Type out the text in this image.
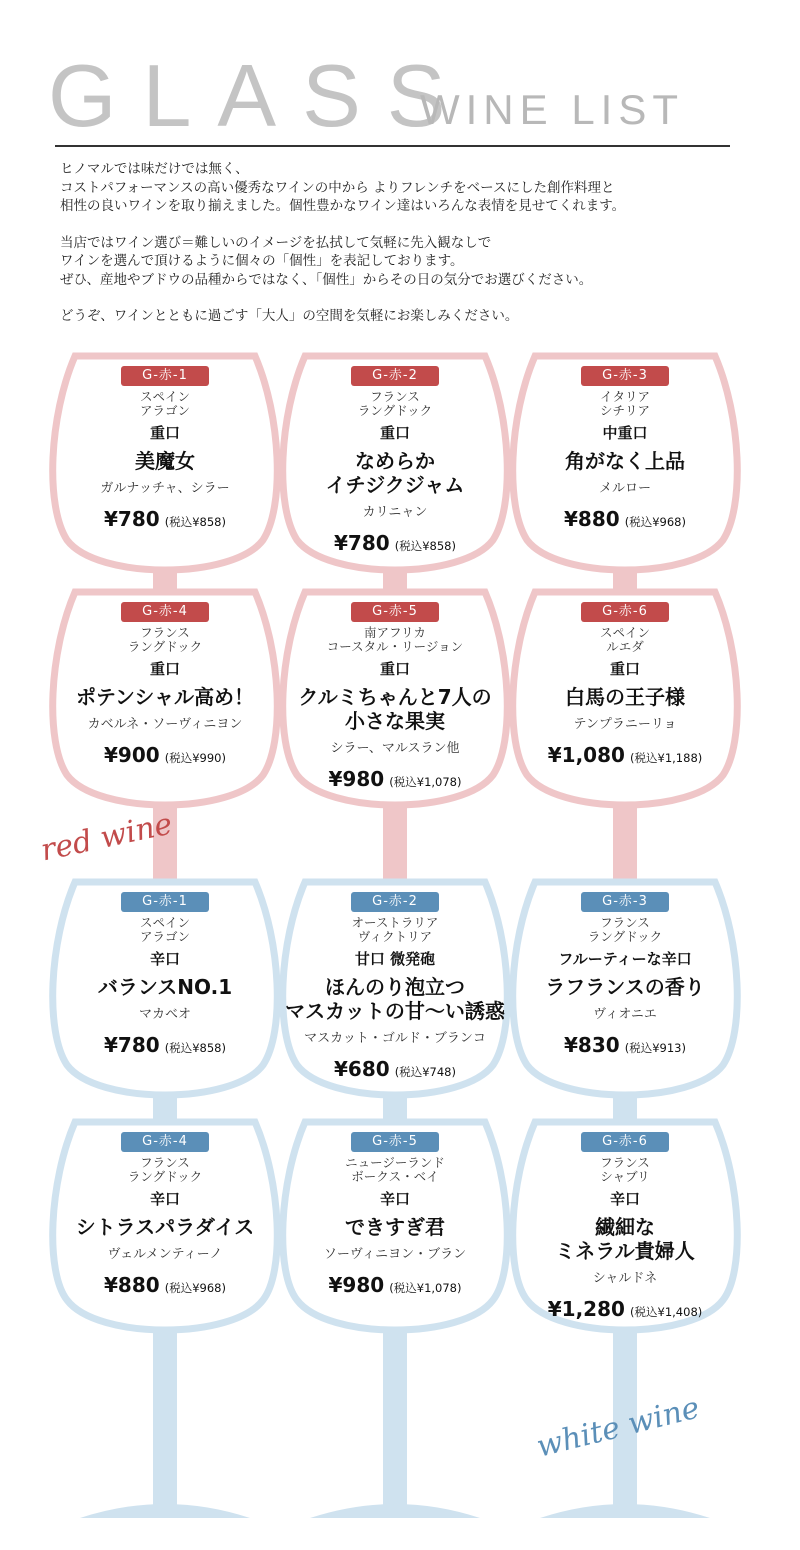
GLASS
WINE LIST

ヒノマルでは味だけでは無く、

コストパフォーマンスの高い優秀なワインの中から よりフレンチをベースにした創作料理と

相性の良いワインを取り揃えました。個性豊かなワイン達はいろんな表情を見せてくれます。

当店ではワイン選び＝難しいのイメージを払拭して気軽に先入観なしで

ワインを選んで頂けるように個々の「個性」を表記しております。

ぜひ、産地やブドウの品種からではなく、「個性」からその日の気分でお選びください。

どうぞ、ワインとともに過ごす「大人」の空間を気軽にお楽しみください。

G-赤-1
スペイン
アラゴン
重口
美魔女
ガルナッチャ、シラー
¥780 (税込¥858)
G-赤-2
フランス
ラングドック
重口
なめらか
イチジクジャム
カリニャン
¥780 (税込¥858)
G-赤-3
イタリア
シチリア
中重口
角がなく上品
メルロー
¥880 (税込¥968)
G-赤-4
フランス
ラングドック
重口
ポテンシャル高め！
カベルネ・ソーヴィニヨン
¥900 (税込¥990)
G-赤-5
南アフリカ
コースタル・リージョン
重口
クルミちゃんと7人の
小さな果実
シラー、マルスラン他
¥980 (税込¥1,078)
G-赤-6
スペイン
ルエダ
重口
白馬の王子様
テンプラニーリョ
¥1,080 (税込¥1,188)
G-赤-1
スペイン
アラゴン
辛口
バランスNO.1
マカベオ
¥780 (税込¥858)
G-赤-2
オーストラリア
ヴィクトリア
甘口 微発砲
ほんのり泡立つ
マスカットの甘〜い誘惑
マスカット・ゴルド・ブランコ
¥680 (税込¥748)
G-赤-3
フランス
ラングドック
フルーティーな辛口
ラフランスの香り
ヴィオニエ
¥830 (税込¥913)
G-赤-4
フランス
ラングドック
辛口
シトラスパラダイス
ヴェルメンティーノ
¥880 (税込¥968)
G-赤-5
ニュージーランド
ボークス・ベイ
辛口
できすぎ君
ソーヴィニヨン・ブラン
¥980 (税込¥1,078)
G-赤-6
フランス
シャブリ
辛口
繊細な
ミネラル貴婦人
シャルドネ
¥1,280 (税込¥1,408)
red wine
white wine
